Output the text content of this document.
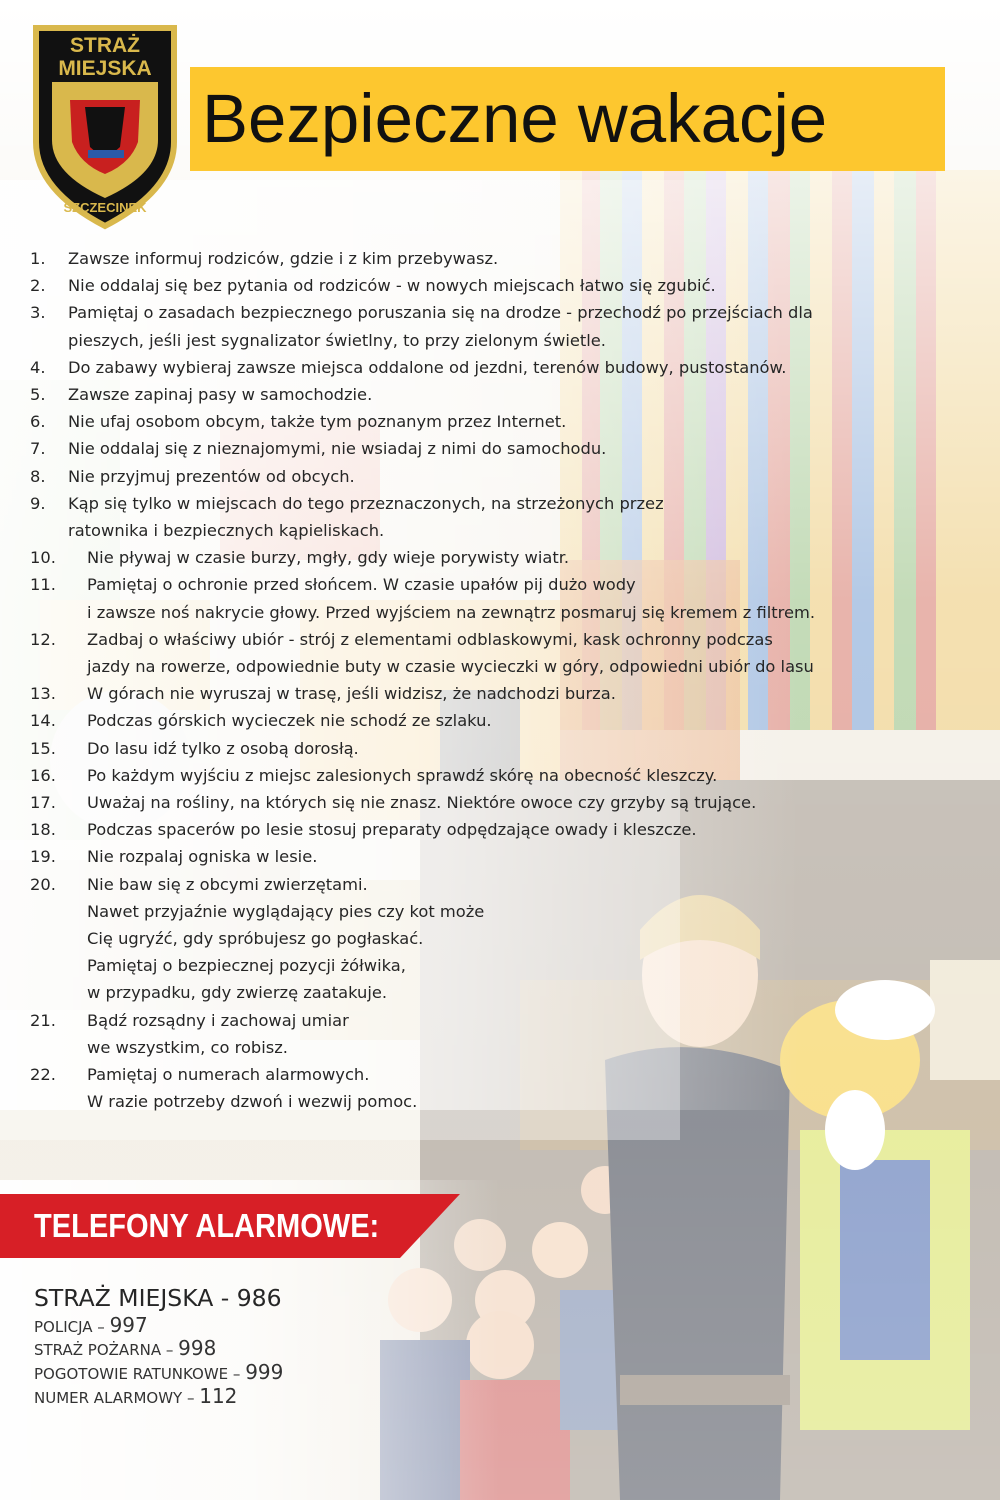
STRAŻ
MIEJSKA
SZCZECINEK
Bezpieczne wakacje
1. Zawsze informuj rodziców, gdzie i z kim przebywasz.
2. Nie oddalaj się bez pytania od rodziców - w nowych miejscach łatwo się zgubić.
3. Pamiętaj o zasadach bezpiecznego poruszania się na drodze - przechodź po przejściach dla
pieszych, jeśli jest sygnalizator świetlny, to przy zielonym świetle.
4. Do zabawy wybieraj zawsze miejsca oddalone od jezdni, terenów budowy, pustostanów.
5. Zawsze zapinaj pasy w samochodzie.
6. Nie ufaj osobom obcym, także tym poznanym przez Internet.
7. Nie oddalaj się z nieznajomymi, nie wsiadaj z nimi do samochodu.
8. Nie przyjmuj prezentów od obcych.
9. Kąp się tylko w miejscach do tego przeznaczonych, na strzeżonych przez
ratownika i bezpiecznych kąpieliskach.
10. Nie pływaj w czasie burzy, mgły, gdy wieje porywisty wiatr.
11. Pamiętaj o ochronie przed słońcem. W czasie upałów pij dużo wody
i zawsze noś nakrycie głowy. Przed wyjściem na zewnątrz posmaruj się kremem z filtrem.
12. Zadbaj o właściwy ubiór - strój z elementami odblaskowymi, kask ochronny podczas
jazdy na rowerze, odpowiednie buty w czasie wycieczki w góry, odpowiedni ubiór do lasu
13. W górach nie wyruszaj w trasę, jeśli widzisz, że nadchodzi burza.
14. Podczas górskich wycieczek nie schodź ze szlaku.
15. Do lasu idź tylko z osobą dorosłą.
16. Po każdym wyjściu z miejsc zalesionych sprawdź skórę na obecność kleszczy.
17. Uważaj na rośliny, na których się nie znasz. Niektóre owoce czy grzyby są trujące.
18. Podczas spacerów po lesie stosuj preparaty odpędzające owady i kleszcze.
19. Nie rozpalaj ogniska w lesie.
20. Nie baw się z obcymi zwierzętami.
Nawet przyjaźnie wyglądający pies czy kot może
Cię ugryźć, gdy spróbujesz go pogłaskać.
Pamiętaj o bezpiecznej pozycji żółwika,
w przypadku, gdy zwierzę zaatakuje.
21. Bądź rozsądny i zachowaj umiar
we wszystkim, co robisz.
22. Pamiętaj o numerach alarmowych.
W razie potrzeby dzwoń i wezwij pomoc.
TELEFONY ALARMOWE:
STRAŻ MIEJSKA - 986
POLICJA – 997
STRAŻ POŻARNA – 998
POGOTOWIE RATUNKOWE – 999
NUMER ALARMOWY – 112
